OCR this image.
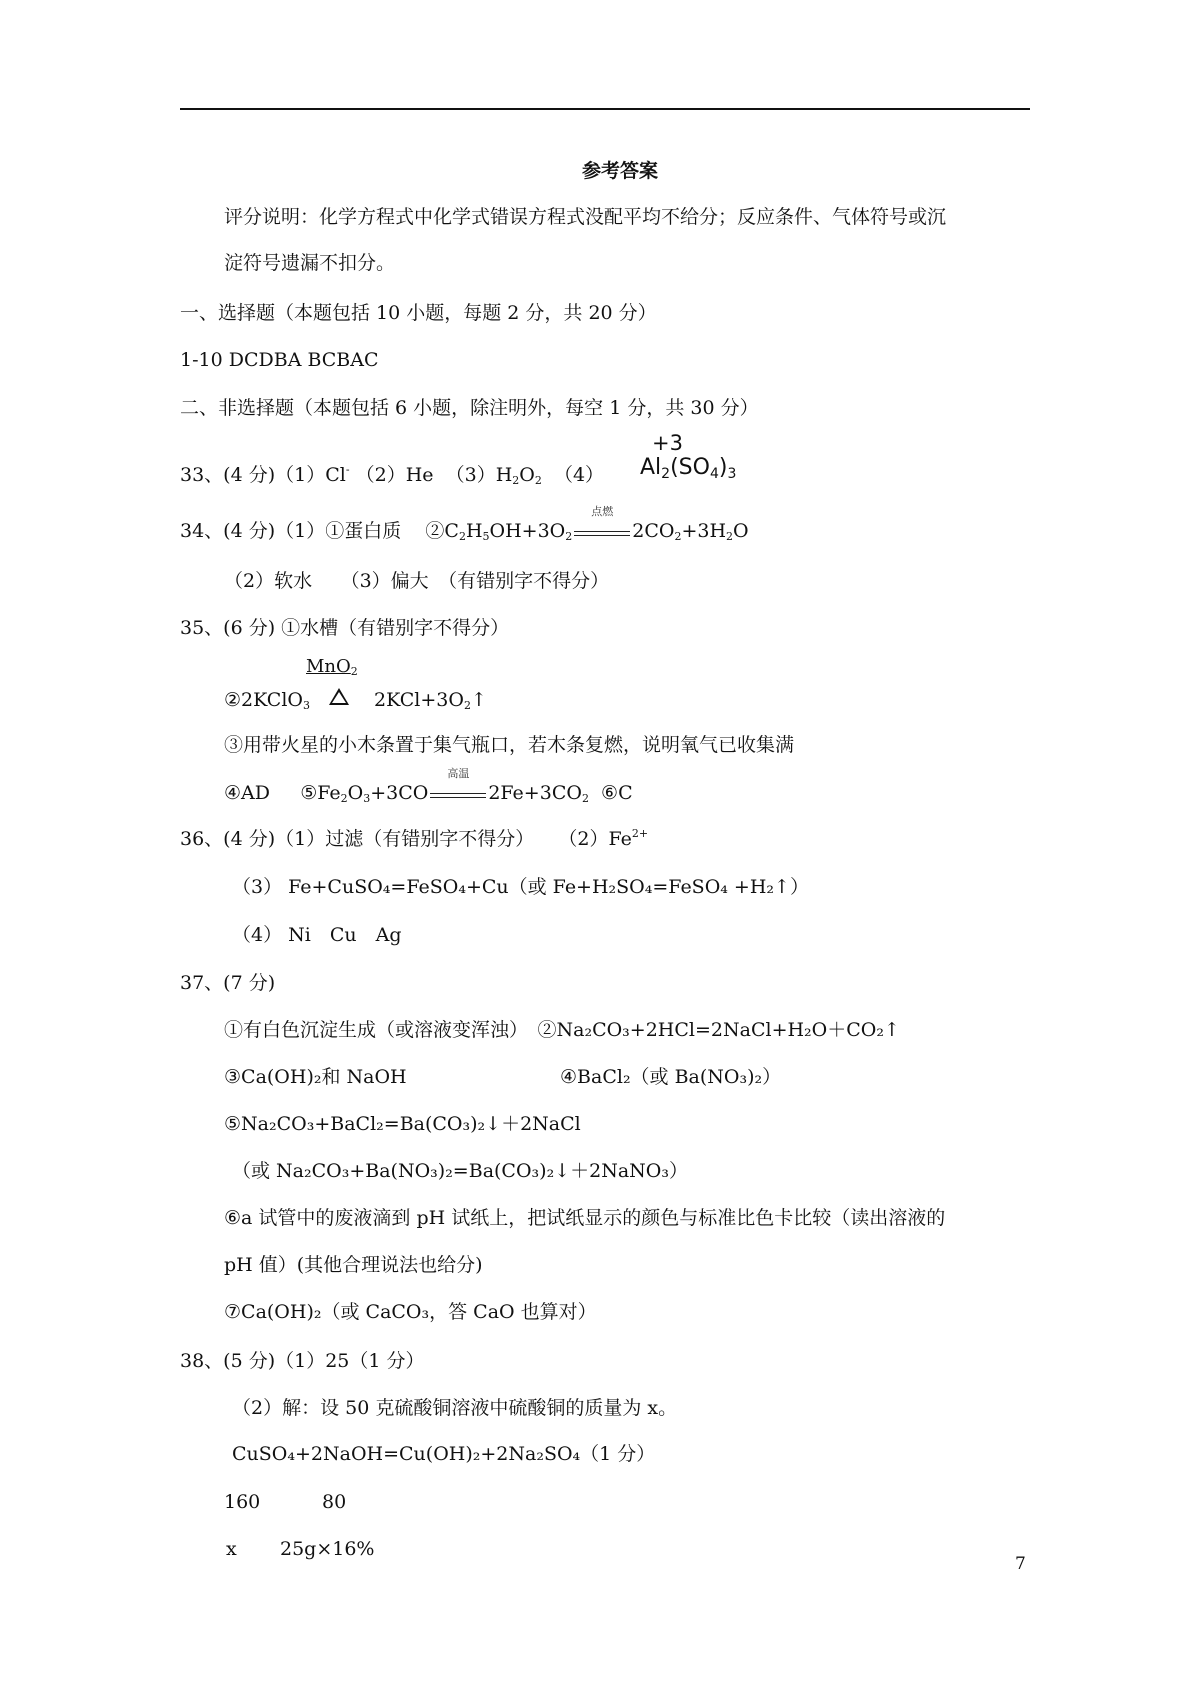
参考答案
评分说明：化学方程式中化学式错误方程式没配平均不给分；反应条件、气体符号或沉
淀符号遗漏不扣分。
一、选择题（本题包括 10 小题，每题 2 分，共 20 分）
1-10 DCDBA BCBAC
二、非选择题（本题包括 6 小题，除注明外，每空 1 分，共 30 分）
33、(4 分)（1）Cl- （2）He $(3)H_2O_2$ （4）
+3
$Al_2(SO_4)_3$
34、(4 分)（1）①蛋白质 $②C_2H_5OH+3O_2$
点燃
$2CO_2+3H_2O$
（2）软水　　（3）偏大　（有错别字不得分）
35、(6 分) ①水槽（有错别字不得分）
MnO$_2$
②2KClO$_3$	$2KCl+3O_2↑$
③用带火星的小木条置于集气瓶口，若木条复燃，说明氧气已收集满
④AD $⑤Fe_2O_3+3CO$
高温
$2Fe+3CO_2$ ⑥C
36、(4 分)（1）过滤（有错别字不得分） $(2)Fe^{2+}$
（3） Fe+CuSO₄=FeSO₄+Cu（或 Fe+H₂SO₄=FeSO₄ +H₂↑）
（4） Ni　Cu　Ag
37、(7 分)
①有白色沉淀生成（或溶液变浑浊）　②Na₂CO₃+2HCl=2NaCl+H₂O＋CO₂↑
③Ca(OH)₂和 NaOH	④BaCl₂（或 Ba(NO₃)₂）
⑤Na₂CO₃+BaCl₂=Ba(CO₃)₂↓＋2NaCl
（或 Na₂CO₃+Ba(NO₃)₂=Ba(CO₃)₂↓＋2NaNO₃）
⑥a 试管中的废液滴到 pH 试纸上，把试纸显示的颜色与标准比色卡比较（读出溶液的
pH 值）(其他合理说法也给分)
⑦Ca(OH)₂（或 CaCO₃，答 CaO 也算对）
38、(5 分)（1）25（1 分）
（2）解：设 50 克硫酸铜溶液中硫酸铜的质量为 x。
CuSO₄+2NaOH=Cu(OH)₂+2Na₂SO₄（1 分）
160	80
x 25g×16%
7
